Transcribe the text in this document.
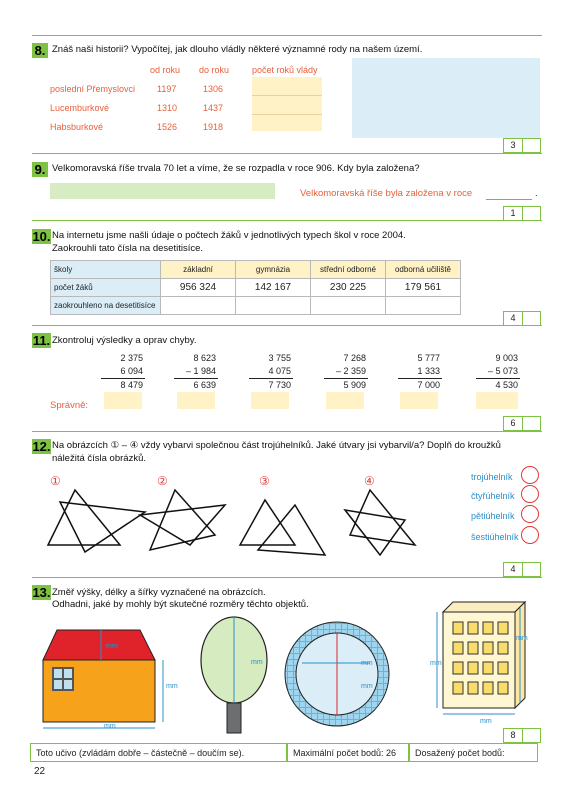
8. Znáš naši historii? Vypočítej, jak dlouho vládly některé významné rody na našem území.
od roku do roku	počet roků vlády
poslední Přemyslovci 1197	1306
Lucemburkové	1310	1437
Habsburkové	1526	1918
3
9. Velkomoravská říše trvala 70 let a víme, že se rozpadla v roce 906. Kdy byla založena?
Velkomoravská říše byla založena v roce	.
1
10. Na internetu jsme našli údaje o počtech žáků v jednotlivých typech škol v roce 2004.
Zaokrouhli tato čísla na desetitisíce.
školy	základní	gymnázia	střední odborné	odborná učiliště
počet žáků	956 324	142 167	230 225	179 561
zaokrouhleno na desetitisíce				
4
11. Zkontroluj výsledky a oprav chyby.
2 375
6 094
8 479
8 623
– 1 984
6 639
3 755
4 075
7 730
7 268
– 2 359
5 909
5 777
1 333
7 000
9 003
– 5 073
4 530
Správně:
6
12. Na obrázcích ① – ④ vždy vybarvi společnou část trojúhelníků. Jaké útvary jsi vybarvil/a? Doplň do kroužků
náležitá čísla obrázků.
①	②	③	④	trojúhelník
čtyřúhelník
pětiúhelník
šestiúhelník
4
13. Změř výšky, délky a šířky vyznačené na obrázcích.
Odhadni, jaké by mohly být skutečné rozměry těchto objektů.
mm
mm
mm
mm	mm
mm
mm
mm
mm
8
Toto učivo (zvládám dobře – částečně – doučím se).	Maximální počet bodů: 26	Dosažený počet bodů:
22
